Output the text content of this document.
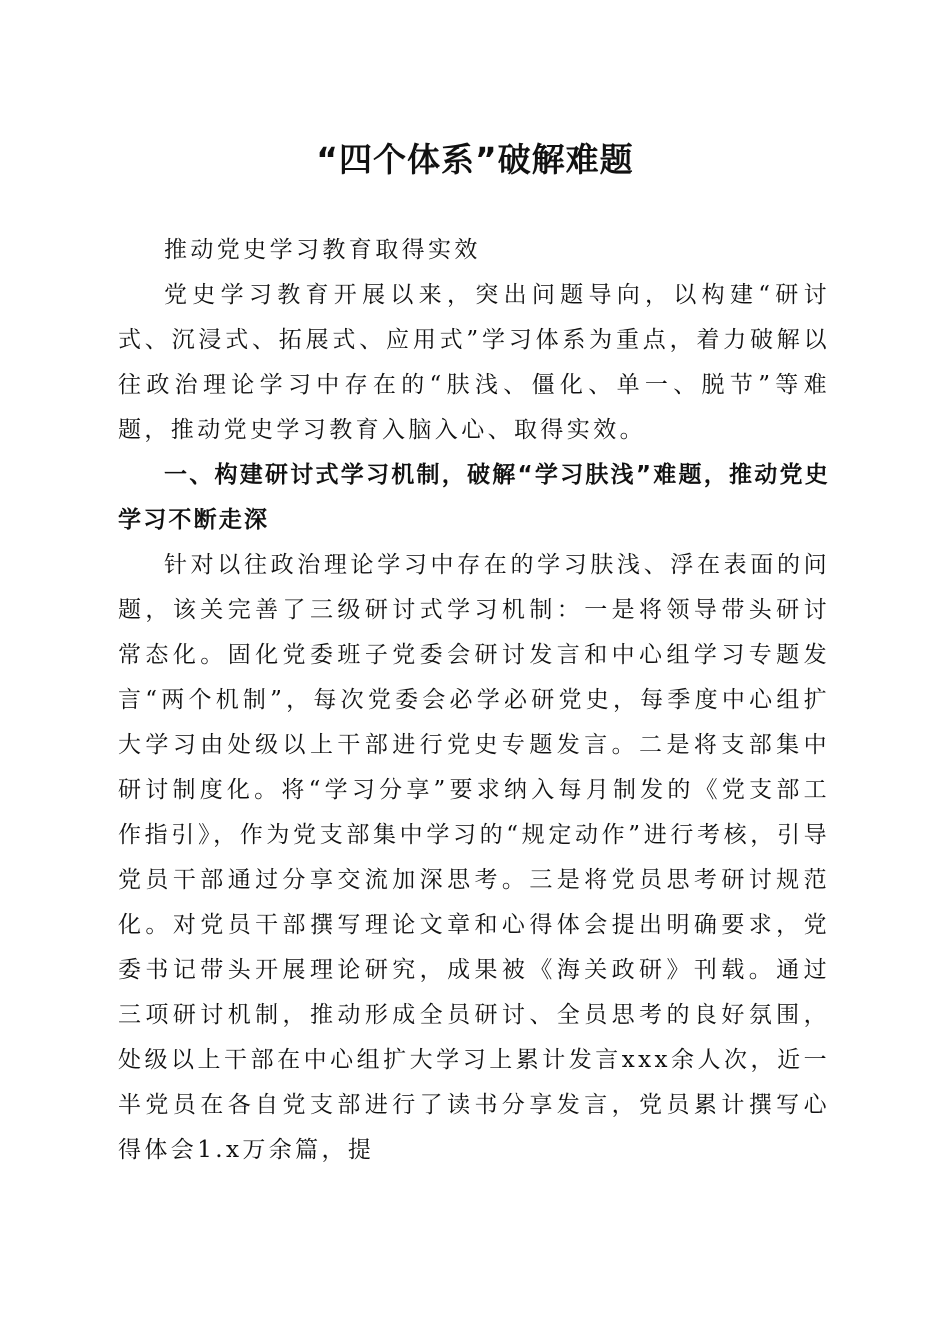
“四个体系”破解难题

推动党史学习教育取得实效

党史学习教育开展以来，突出问题导向，以构建“研讨式、沉浸式、拓展式、应用式”学习体系为重点，着力破解以往政治理论学习中存在的“肤浅、僵化、单一、脱节”等难题，推动党史学习教育入脑入心、取得实效。

一、构建研讨式学习机制，破解“学习肤浅”难题，推动党史学习不断走深

针对以往政治理论学习中存在的学习肤浅、浮在表面的问题，该关完善了三级研讨式学习机制：一是将领导带头研讨常态化。固化党委班子党委会研讨发言和中心组学习专题发言“两个机制”，每次党委会必学必研党史，每季度中心组扩大学习由处级以上干部进行党史专题发言。二是将支部集中研讨制度化。将“学习分享”要求纳入每月制发的《党支部工作指引》，作为党支部集中学习的“规定动作”进行考核，引导党员干部通过分享交流加深思考。三是将党员思考研讨规范化。对党员干部撰写理论文章和心得体会提出明确要求，党委书记带头开展理论研究，成果被《海关政研》刊载。通过三项研讨机制，推动形成全员研讨、全员思考的良好氛围，处级以上干部在中心组扩大学习上累计发言xxx余人次，近一半党员在各自党支部进行了读书分享发言，党员累计撰写心得体会1.x万余篇，提
